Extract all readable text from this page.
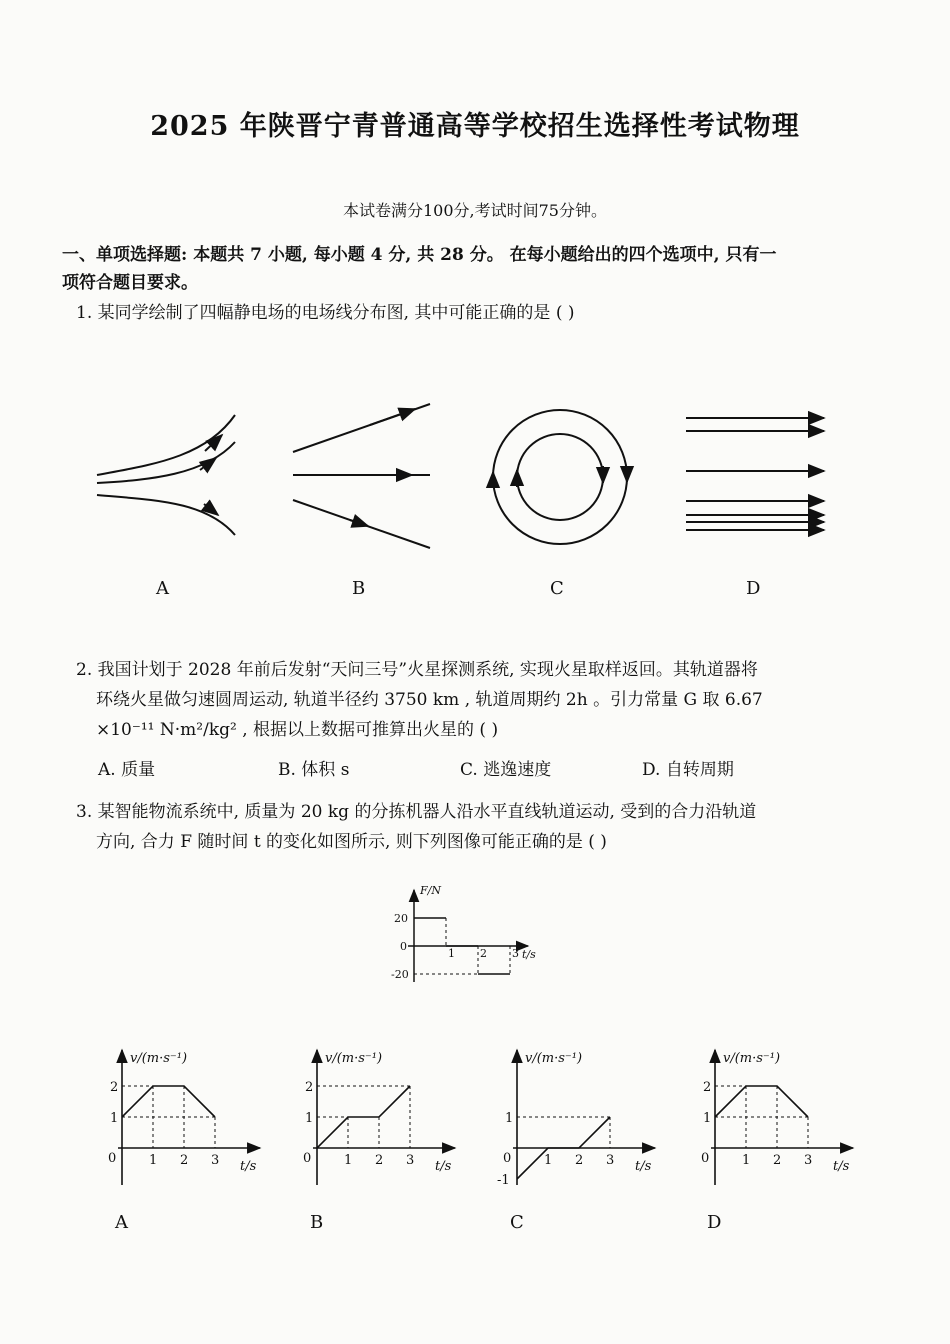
2025 年陕晋宁青普通高等学校招生选择性考试物理
本试卷满分100分,考试时间75分钟。
一、单项选择题: 本题共 7 小题, 每小题 4 分, 共 28 分。 在每小题给出的四个选项中, 只有一
项符合题目要求。
1. 某同学绘制了四幅静电场的电场线分布图, 其中可能正确的是 ( )
A	B	C	D
2. 我国计划于 2028 年前后发射“天问三号”火星探测系统, 实现火星取样返回。其轨道器将
环绕火星做匀速圆周运动, 轨道半径约 3750 km , 轨道周期约 2h 。引力常量 G 取 6.67
×10⁻¹¹ N·m²/kg² , 根据以上数据可推算出火星的 ( )
A. 质量	B. 体积 s	C. 逃逸速度	D. 自转周期
3. 某智能物流系统中, 质量为 20 kg 的分拣机器人沿水平直线轨道运动, 受到的合力沿轨道
方向, 合力 F 随时间 t 的变化如图所示, 则下列图像可能正确的是 ( )
F/N
t/s
20
0
-20
1 2 3
v/(m·s⁻¹)
t/s
0	1 2 3
2
1
v/(m·s⁻¹)
t/s
0	1 2 3
2
1
v/(m·s⁻¹)
t/s
0	1 2 3
1
-1
v/(m·s⁻¹)
t/s
0	1 2 3
2
1
A	B	C	D
